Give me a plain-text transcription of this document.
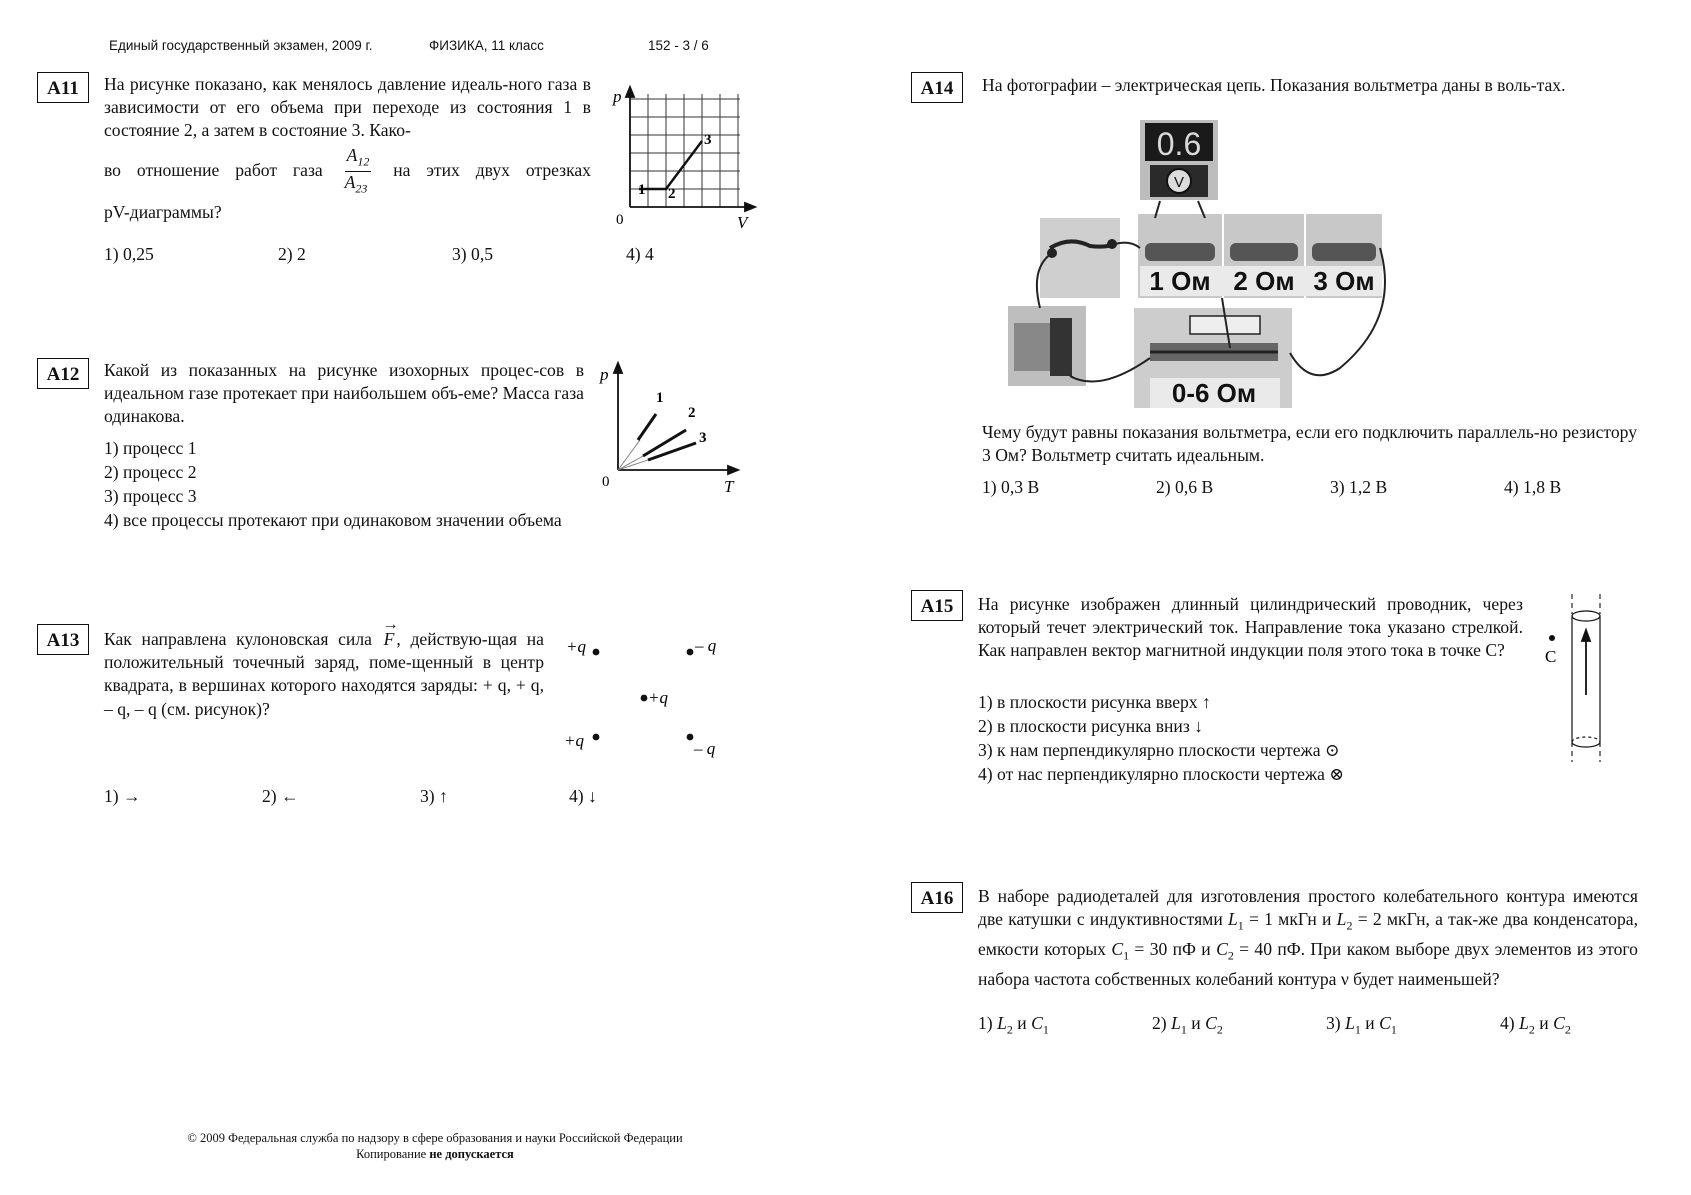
Единый государственный экзамен, 2009 г.	ФИЗИКА, 11 класс	152 - 3 / 6
А11	На рисунке показано, как менялось давление идеаль-ного газа в зависимости от его объема при переходе из состояния 1 в состояние 2, а затем в состояние 3. Како-
во отношение работ газа $\frac{A_{12}}{A_{23}}$ на этих двух отрезках
pV-диаграммы?
p
V
0
1 2
3
1) 0,25	2) 2	3) 0,5	4) 4
А12	Какой из показанных на рисунке изохорных процес-сов в идеальном газе протекает при наибольшем объ-еме? Масса газа одинакова.
1) процесс 1
2) процесс 2
3) процесс 3
4) все процессы протекают при одинаковом значении объема
p
T
0
1
2
3
А13	Как направлена кулоновская сила
→
F , действую-щая на положительный точечный заряд, поме-щенный в центр квадрата, в вершинах которого находятся заряды: + q, + q, – q, – q (см. рисунок)?
+q	– q
+q
+q	– q
1) →	2) ←	3) ↑	4) ↓
А14	На фотографии – электрическая цепь. Показания вольтметра даны в воль-тах.
0.6
V
1 Ом 2 Ом 3 Ом
0-6 Ом
Чему будут равны показания вольтметра, если его подключить параллель-но резистору 3 Ом? Вольтметр считать идеальным.
1) 0,3 В	2) 0,6 В	3) 1,2 В	4) 1,8 В
А15	На рисунке изображен длинный цилиндрический проводник, через который течет электрический ток. Направление тока указано стрелкой. Как направлен вектор магнитной индукции поля этого тока в точке С?
1) в плоскости рисунка вверх ↑
2) в плоскости рисунка вниз ↓
3) к нам перпендикулярно плоскости чертежа ⊙
4) от нас перпендикулярно плоскости чертежа ⊗
C
А16	В наборе радиодеталей для изготовления простого колебательного контура имеются две катушки с индуктивностями $L_1 = 1$ мкГн и $L_2 = 2$ мкГн, а так-же два конденсатора, емкости которых $C_1 = 30$ пФ и $C_2 = 40$ пФ. При каком выборе двух элементов из этого набора частота собственных колебаний контура ν будет наименьшей?
1) $L_2$ и $C_1$	2) $L_1$ и $C_2$	3) $L_1$ и $C_1$	4) $L_2$ и $C_2$
© 2009 Федеральная служба по надзору в сфере образования и науки Российской Федерации
Копирование не допускается
